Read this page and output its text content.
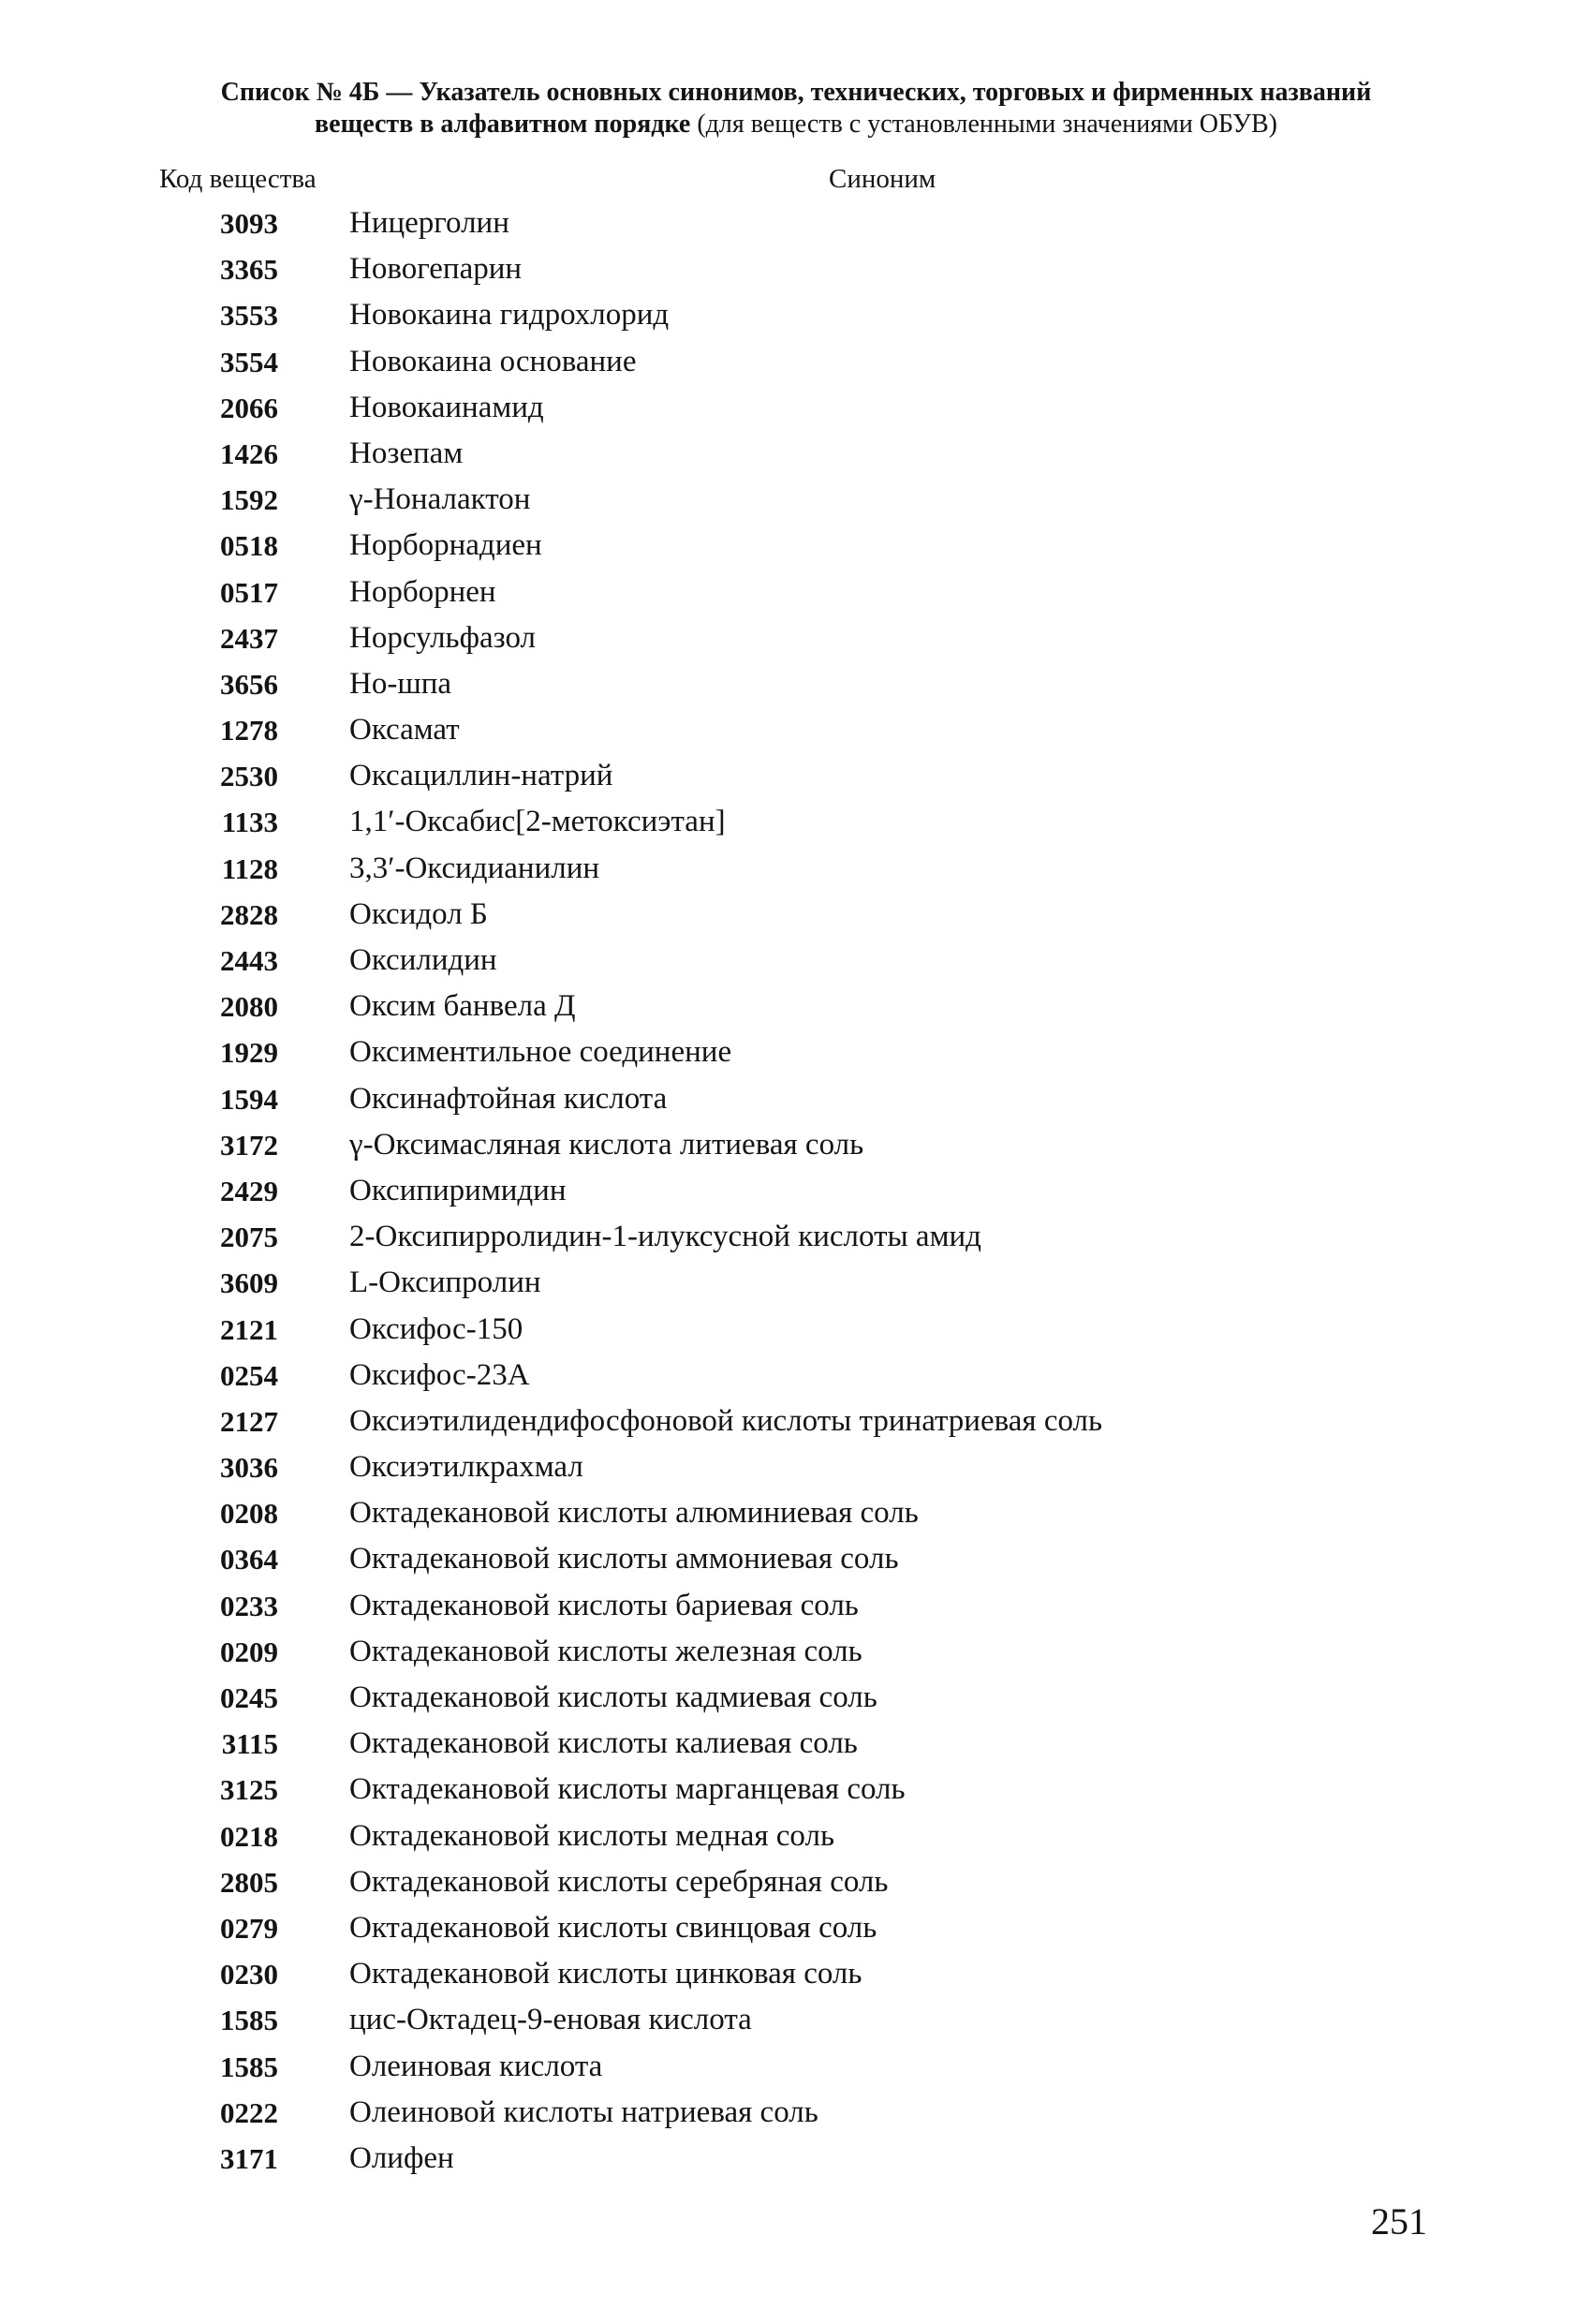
Список № 4Б — Указатель основных синонимов, технических, торговых и фирменных названий
веществ в алфавитном порядке (для веществ с установленными значениями ОБУВ)
Код вещества	Синоним
3093 Ницерголин
3365 Новогепарин
3553 Новокаина гидрохлорид
3554 Новокаина основание
2066 Новокаинамид
1426 Нозепам
1592 γ-Ноналактон
0518 Норборнадиен
0517 Норборнен
2437 Норсульфазол
3656 Но-шпа
1278 Оксамат
2530 Оксациллин-натрий
1133 1,1′-Оксабис[2-метоксиэтан]
1128 3,3′-Оксидианилин
2828 Оксидол Б
2443 Оксилидин
2080 Оксим банвела Д
1929 Оксиментильное соединение
1594 Оксинафтойная кислота
3172 γ-Оксимасляная кислота литиевая соль
2429 Оксипиримидин
2075 2-Оксипирролидин-1-илуксусной кислоты амид
3609 L-Оксипролин
2121 Оксифос-150
0254 Оксифос-23А
2127 Оксиэтилидендифосфоновой кислоты тринатриевая соль
3036 Оксиэтилкрахмал
0208 Октадекановой кислоты алюминиевая соль
0364 Октадекановой кислоты аммониевая соль
0233 Октадекановой кислоты бариевая соль
0209 Октадекановой кислоты железная соль
0245 Октадекановой кислоты кадмиевая соль
3115 Октадекановой кислоты калиевая соль
3125 Октадекановой кислоты марганцевая соль
0218 Октадекановой кислоты медная соль
2805 Октадекановой кислоты серебряная соль
0279 Октадекановой кислоты свинцовая соль
0230 Октадекановой кислоты цинковая соль
1585 цис-Октадец-9-еновая кислота
1585 Олеиновая кислота
0222 Олеиновой кислоты натриевая соль
3171 Олифен
251
